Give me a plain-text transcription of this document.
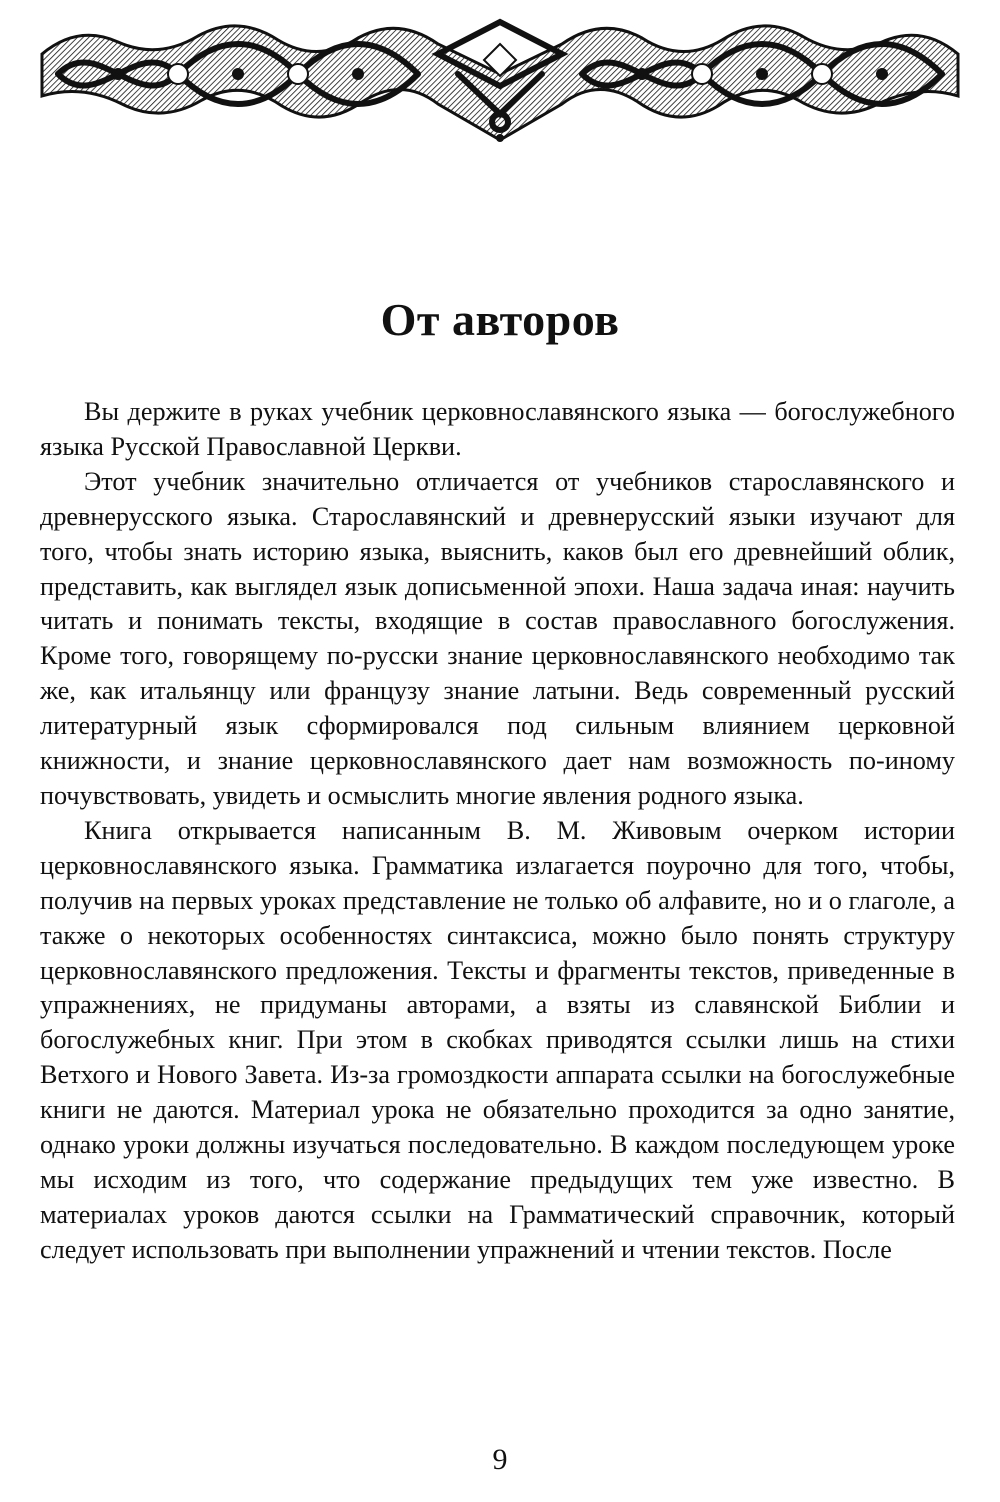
От авторов

Вы держите в руках учебник церковнославянского языка — богослужебного языка Русской Православной Церкви.

Этот учебник значительно отличается от учебников старославянского и древнерусского языка. Старославянский и древнерусский языки изучают для того, чтобы знать историю языка, выяснить, каков был его древнейший облик, представить, как выглядел язык дописьменной эпохи. Наша задача иная: научить читать и понимать тексты, входящие в состав православного богослужения. Кроме того, говорящему по-русски знание церковнославянского необходимо так же, как итальянцу или французу знание латыни. Ведь современный русский литературный язык сформировался под сильным влиянием церковной книжности, и знание церковнославянского дает нам возможность по-иному почувствовать, увидеть и осмыслить многие явления родного языка.

Книга открывается написанным В. М. Живовым очерком истории церковнославянского языка. Грамматика излагается поурочно для того, чтобы, получив на первых уроках представление не только об алфавите, но и о глаголе, а также о некоторых особенностях синтаксиса, можно было понять структуру церковнославянского предложения. Тексты и фрагменты текстов, приведенные в упражнениях, не придуманы авторами, а взяты из славянской Библии и богослужебных книг. При этом в скобках приводятся ссылки лишь на стихи Ветхого и Нового Завета. Из-за громоздкости аппарата ссылки на богослужебные книги не даются. Материал урока не обязательно проходится за одно занятие, однако уроки должны изучаться последовательно. В каждом последующем уроке мы исходим из того, что содержание предыдущих тем уже известно. В материалах уроков даются ссылки на Грамматический справочник, который следует использовать при выполнении упражнений и чтении текстов. После

9
